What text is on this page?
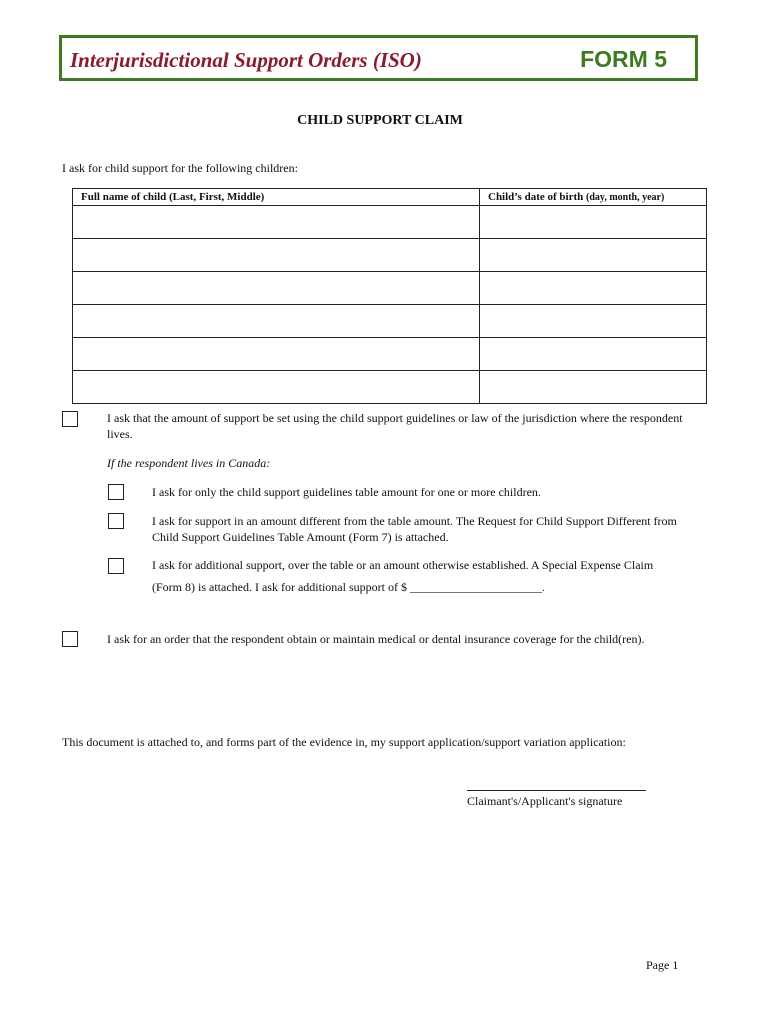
Interjurisdictional Support Orders (ISO)	FORM 5
CHILD SUPPORT CLAIM
I ask for child support for the following children:
Full name of child (Last, First, Middle)	Child’s date of birth (day, month, year)

I ask that the amount of support be set using the child support guidelines or law of the jurisdiction where the respondent lives.
If the respondent lives in Canada:
I ask for only the child support guidelines table amount for one or more children.
I ask for support in an amount different from the table amount. The Request for Child Support Different from Child Support Guidelines Table Amount (Form 7) is attached.
I ask for additional support, over the table or an amount otherwise established. A Special Expense Claim
(Form 8) is attached. I ask for additional support of $ ______________________.
I ask for an order that the respondent obtain or maintain medical or dental insurance coverage for the child(ren).
This document is attached to, and forms part of the evidence in, my support application/support variation application:
Claimant's/Applicant's signature
Page 1
